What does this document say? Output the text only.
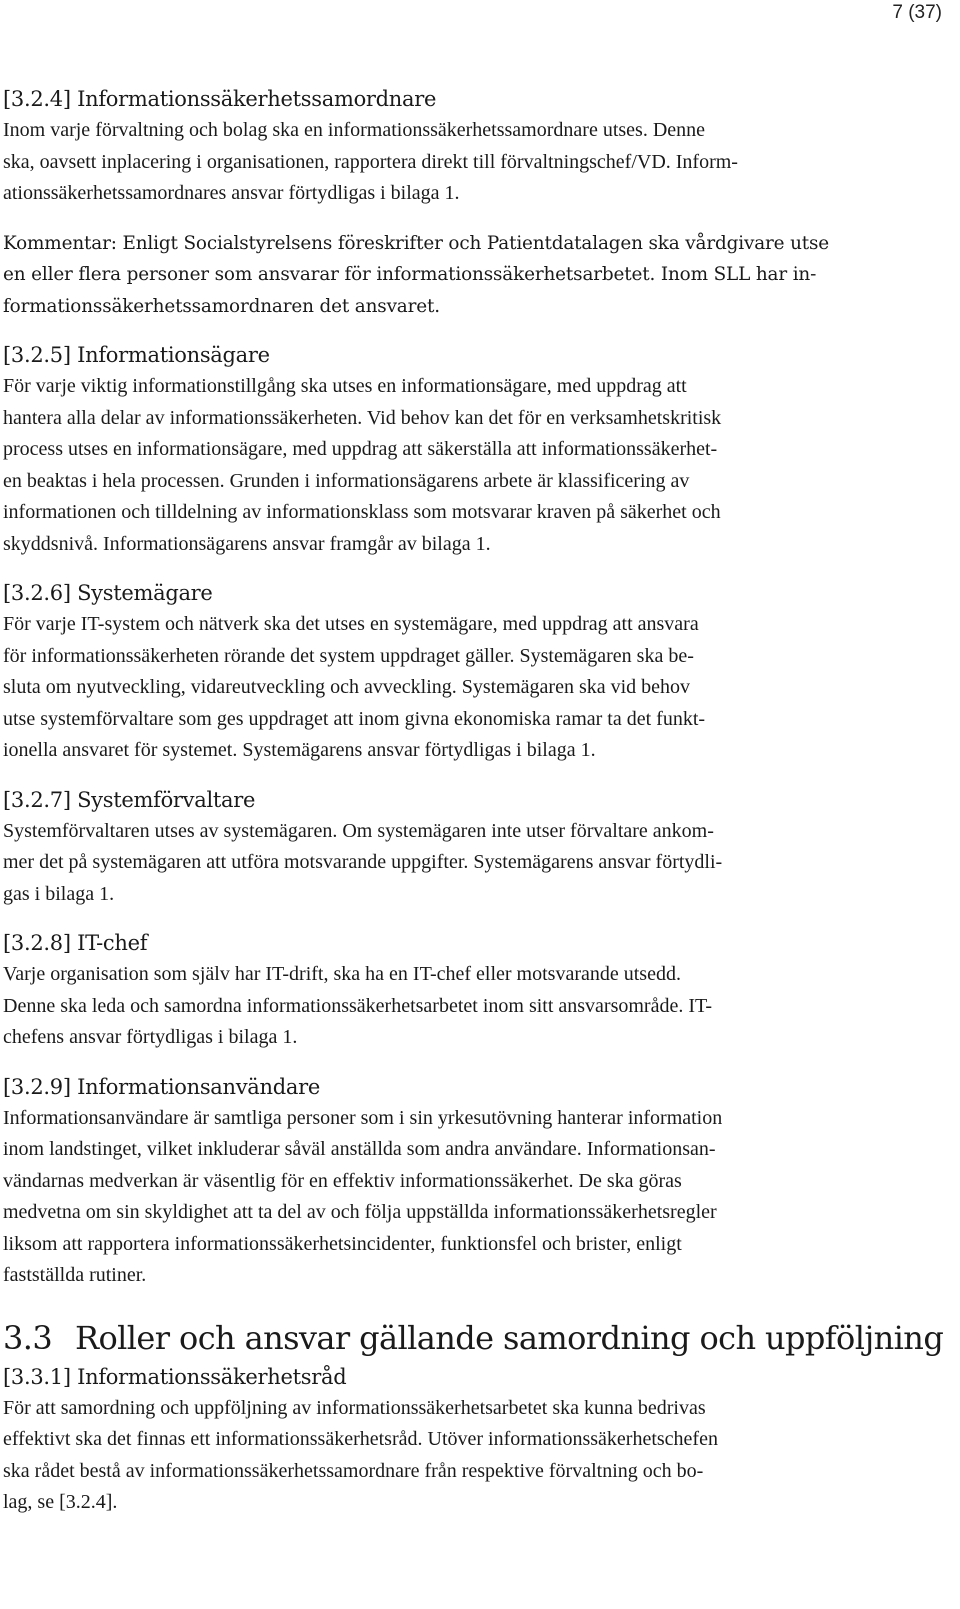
7 (37)
[3.2.4] Informationssäkerhetssamordnare
Inom varje förvaltning och bolag ska en informationssäkerhetssamordnare utses. Denne
ska, oavsett inplacering i organisationen, rapportera direkt till förvaltningschef/VD. Inform-
ationssäkerhetssamordnares ansvar förtydligas i bilaga 1.
Kommentar: Enligt Socialstyrelsens föreskrifter och Patientdatalagen ska vårdgivare utse
en eller flera personer som ansvarar för informationssäkerhetsarbetet. Inom SLL har in-
formationssäkerhetssamordnaren det ansvaret.
[3.2.5] Informationsägare
För varje viktig informationstillgång ska utses en informationsägare, med uppdrag att
hantera alla delar av informationssäkerheten. Vid behov kan det för en verksamhetskritisk
process utses en informationsägare, med uppdrag att säkerställa att informationssäkerhet-
en beaktas i hela processen. Grunden i informationsägarens arbete är klassificering av
informationen och tilldelning av informationsklass som motsvarar kraven på säkerhet och
skyddsnivå. Informationsägarens ansvar framgår av bilaga 1.
[3.2.6] Systemägare
För varje IT-system och nätverk ska det utses en systemägare, med uppdrag att ansvara
för informationssäkerheten rörande det system uppdraget gäller. Systemägaren ska be-
sluta om nyutveckling, vidareutveckling och avveckling. Systemägaren ska vid behov
utse systemförvaltare som ges uppdraget att inom givna ekonomiska ramar ta det funkt-
ionella ansvaret för systemet. Systemägarens ansvar förtydligas i bilaga 1.
[3.2.7] Systemförvaltare
Systemförvaltaren utses av systemägaren. Om systemägaren inte utser förvaltare ankom-
mer det på systemägaren att utföra motsvarande uppgifter. Systemägarens ansvar förtydli-
gas i bilaga 1.
[3.2.8] IT-chef
Varje organisation som själv har IT-drift, ska ha en IT-chef eller motsvarande utsedd.
Denne ska leda och samordna informationssäkerhetsarbetet inom sitt ansvarsområde. IT-
chefens ansvar förtydligas i bilaga 1.
[3.2.9] Informationsanvändare
Informationsanvändare är samtliga personer som i sin yrkesutövning hanterar information
inom landstinget, vilket inkluderar såväl anställda som andra användare. Informationsan-
vändarnas medverkan är väsentlig för en effektiv informationssäkerhet. De ska göras
medvetna om sin skyldighet att ta del av och följa uppställda informationssäkerhetsregler
liksom att rapportera informationssäkerhetsincidenter, funktionsfel och brister, enligt
fastställda rutiner.
3.3 Roller och ansvar gällande samordning och uppföljning
[3.3.1] Informationssäkerhetsråd
För att samordning och uppföljning av informationssäkerhetsarbetet ska kunna bedrivas
effektivt ska det finnas ett informationssäkerhetsråd. Utöver informationssäkerhetschefen
ska rådet bestå av informationssäkerhetssamordnare från respektive förvaltning och bo-
lag, se [3.2.4].
